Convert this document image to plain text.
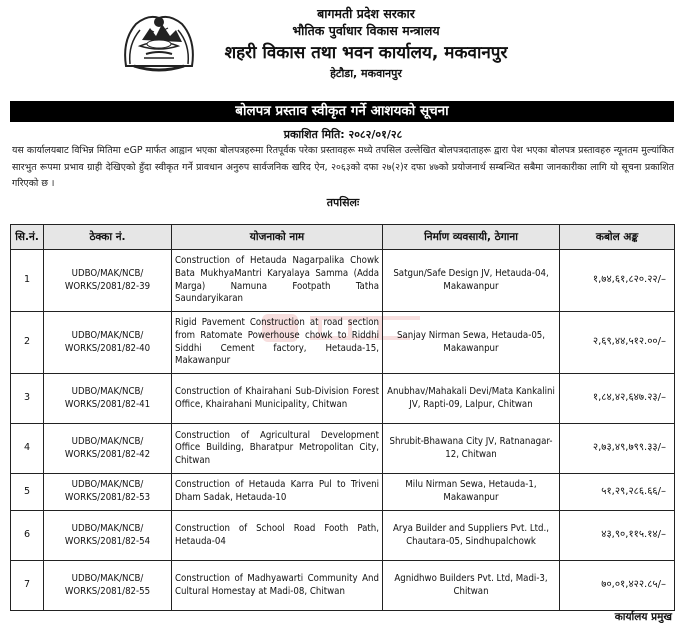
बागमती प्रदेश सरकार
भौतिक पुर्वाधार विकास मन्त्रालय
शहरी विकास तथा भवन कार्यालय, मकवानपुर
हेटौडा, मकवानपुर
बोलपत्र प्रस्ताव स्वीकृत गर्ने आशयको सूचना
प्रकाशित मिति: २०८२/०१/२८
यस कार्यालयबाट विभिन्न मितिमा eGP मार्फत आह्वान भएका बोलपत्रहरुमा रितपूर्वक परेका प्रस्तावहरू मध्ये तपसिल उल्लेखित बोलपत्रदाताहरू द्वारा पेश भएका बोलपत्र प्रस्तावहरु न्यूनतम मुल्यांकित सारभुत रूपमा प्रभाव ग्राही देखिएको हुँदा स्वीकृत गर्ने प्रावधान अनुरुप सार्वजनिक खरिद ऐन, २०६३को दफा २७(२)र दफा ४७को प्रयोजनार्थ सम्बन्धित सबैमा जानकारीका लागि यो सूचना प्रकाशित गरिएको छ ।
तपसिलः
सि.नं.	ठेक्का नं.	योजनाको नाम	निर्माण व्यवसायी, ठेगाना	कबोल अङ्क
1	UDBO/MAK/NCB/ WORKS/2081/82-39	Construction of Hetauda Nagarpalika Chowk Bata MukhyaMantri Karyalaya Samma (Adda Marga) Namuna Footpath Tatha Saundaryikaran	Satgun/Safe Design JV, Hetauda-04, Makawanpur	१,७४,६१,८२०.२२/–
2	UDBO/MAK/NCB/ WORKS/2081/82-40	Rigid Pavement Construction at road section from Ratomate Powerhouse chowk to Riddhi Siddhi Cement factory, Hetauda-15, Makawanpur	Sanjay Nirman Sewa, Hetauda-05, Makawanpur	२,६९,४४,५१२.००/–
3	UDBO/MAK/NCB/ WORKS/2081/82-41	Construction of Khairahani Sub-Division Forest Office, Khairahani Municipality, Chitwan	Anubhav/Mahakali Devi/Mata Kankalini JV, Rapti-09, Lalpur, Chitwan	१,८४,४२,६४७.२३/–
4	UDBO/MAK/NCB/ WORKS/2081/82-42	Construction of Agricultural Development Office Building, Bharatpur Metropolitan City, Chitwan	Shrubit-Bhawana City JV, Ratnanagar-12, Chitwan	२,७३,४९,७९९.३३/–
5	UDBO/MAK/NCB/ WORKS/2081/82-53	Construction of Hetauda Karra Pul to Triveni Dham Sadak, Hetauda-10	Milu Nirman Sewa, Hetauda-1, Makawanpur	५१,२९,२८६.६६/–
6	UDBO/MAK/NCB/ WORKS/2081/82-54	Construction of School Road Footh Path, Hetauda-04	Arya Builder and Suppliers Pvt. Ltd., Chautara-05, Sindhupalchowk	४३,९०,११५.१४/–
7	UDBO/MAK/NCB/ WORKS/2081/82-55	Construction of Madhyawarti Community And Cultural Homestay at Madi-08, Chitwan	Agnidhwo Builders Pvt. Ltd, Madi-3, Chitwan	७०,०१,४२२.८५/–
कार्यालय प्रमुख
